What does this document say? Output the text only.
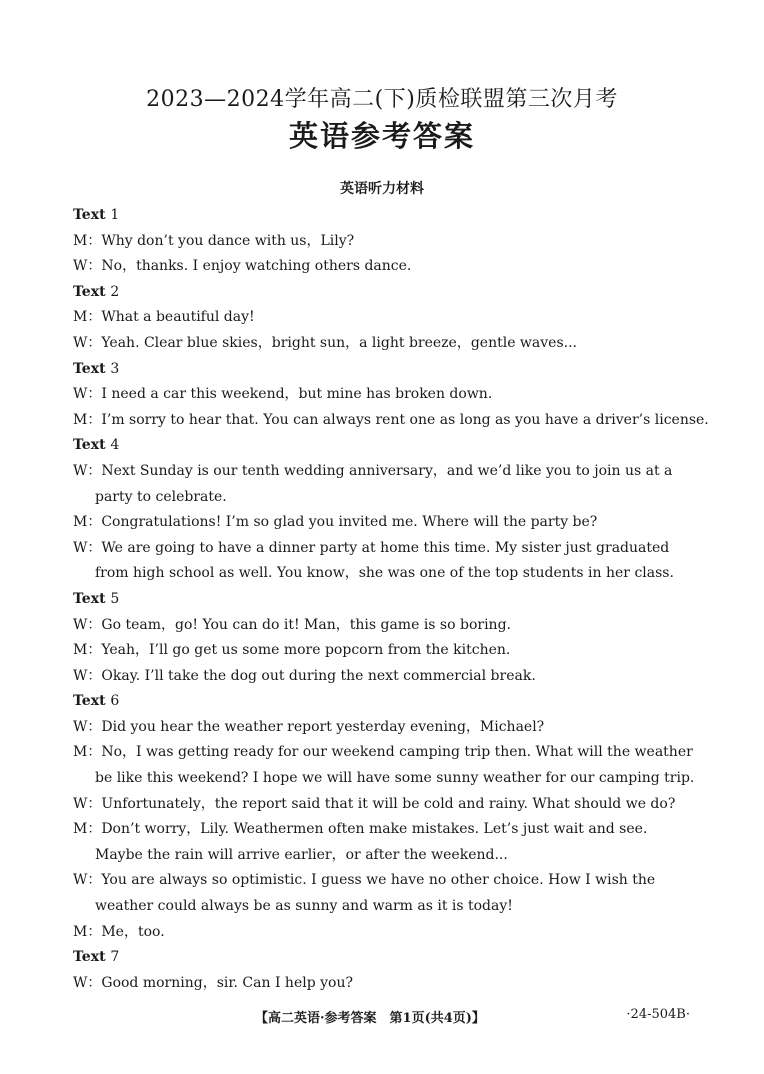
2023—2024学年高二(下)质检联盟第三次月考
英语参考答案
英语听力材料
Text 1
M：Why don’t you dance with us，Lily?
W：No，thanks. I enjoy watching others dance.
Text 2
M：What a beautiful day!
W：Yeah. Clear blue skies，bright sun，a light breeze，gentle waves...
Text 3
W：I need a car this weekend，but mine has broken down.
M：I’m sorry to hear that. You can always rent one as long as you have a driver’s license.
Text 4
W：Next Sunday is our tenth wedding anniversary，and we’d like you to join us at a party to celebrate.
M：Congratulations! I’m so glad you invited me. Where will the party be?
W：We are going to have a dinner party at home this time. My sister just graduated from high school as well. You know，she was one of the top students in her class.
Text 5
W：Go team，go! You can do it! Man，this game is so boring.
M：Yeah，I’ll go get us some more popcorn from the kitchen.
W：Okay. I’ll take the dog out during the next commercial break.
Text 6
W：Did you hear the weather report yesterday evening，Michael?
M：No，I was getting ready for our weekend camping trip then. What will the weather be like this weekend? I hope we will have some sunny weather for our camping trip.
W：Unfortunately，the report said that it will be cold and rainy. What should we do?
M：Don’t worry，Lily. Weathermen often make mistakes. Let’s just wait and see. Maybe the rain will arrive earlier，or after the weekend...
W：You are always so optimistic. I guess we have no other choice. How I wish the weather could always be as sunny and warm as it is today!
M：Me，too.
Text 7
W：Good morning，sir. Can I help you?
【高二英语·参考答案　第1页(共4页)】	·24-504B·
